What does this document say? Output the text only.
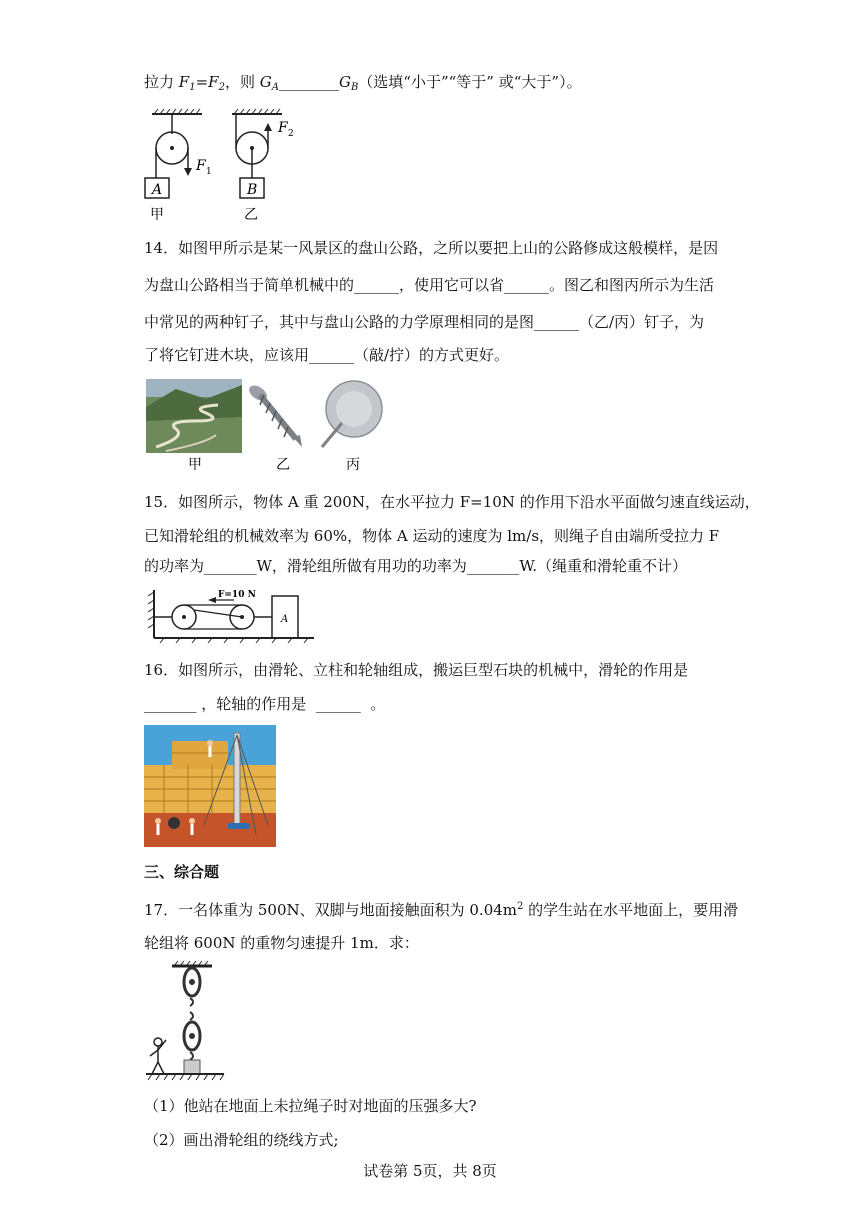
拉力 $F_1=F_2$，则 $G_A\_\_\_\_\_\_\_\_G_B$（选填“小于”“等于” 或“大于”）。
A
F 1
甲
B
F 2
乙
14．如图甲所示是某一风景区的盘山公路，之所以要把上山的公路修成这般模样，是因
为盘山公路相当于简单机械中的______，使用它可以省______。图乙和图丙所示为生活
中常见的两种钉子，其中与盘山公路的力学原理相同的是图______（乙/丙）钉子，为
了将它钉进木块，应该用______（敲/拧）的方式更好。
甲	乙	丙
15．如图所示，物体 A 重 200N，在水平拉力 F=10N 的作用下沿水平面做匀速直线运动，
已知滑轮组的机械效率为 60%，物体 A 运动的速度为 lm/s，则绳子自由端所受拉力 F
的功率为_______W，滑轮组所做有用功的功率为_______W.（绳重和滑轮重不计）
F=10 N
A
16．如图所示，由滑轮、立柱和轮轴组成，搬运巨型石块的机械中，滑轮的作用是
_______ ，轮轴的作用是  ______  。
三、综合题
17．一名体重为 500N、双脚与地面接触面积为 $0.04m^2$ 的学生站在水平地面上，要用滑
轮组将 600N 的重物匀速提升 1m．求：
（1）他站在地面上未拉绳子时对地面的压强多大?
（2）画出滑轮组的绕线方式;
试卷第 5页，共 8页
